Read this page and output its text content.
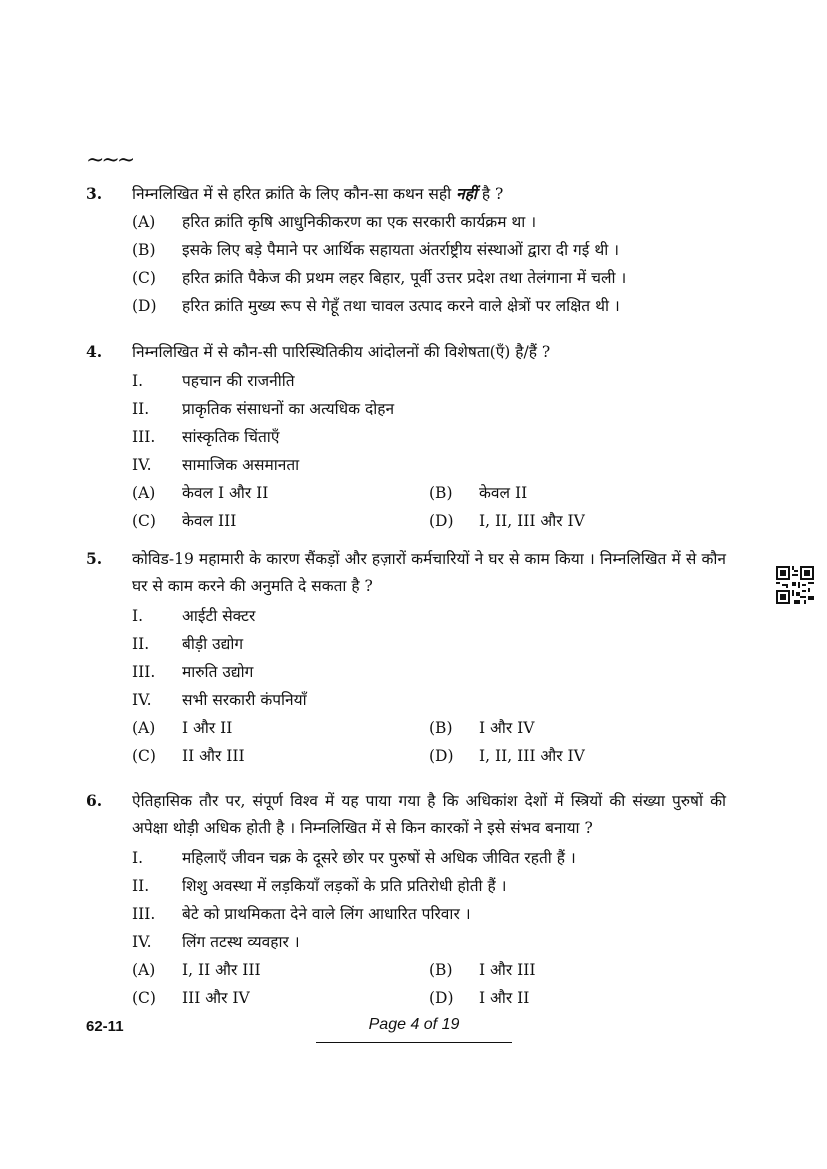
~~~
3.	निम्नलिखित में से हरित क्रांति के लिए कौन-सा कथन सही नहीं है ?
(A)	हरित क्रांति कृषि आधुनिकीकरण का एक सरकारी कार्यक्रम था ।
(B)	इसके लिए बड़े पैमाने पर आर्थिक सहायता अंतर्राष्ट्रीय संस्थाओं द्वारा दी गई थी ।
(C)	हरित क्रांति पैकेज की प्रथम लहर बिहार, पूर्वी उत्तर प्रदेश तथा तेलंगाना में चली ।
(D)	हरित क्रांति मुख्य रूप से गेहूँ तथा चावल उत्पाद करने वाले क्षेत्रों पर लक्षित थी ।
4.	निम्नलिखित में से कौन-सी पारिस्थितिकीय आंदोलनों की विशेषता(एँ) है/हैं ?
I.	पहचान की राजनीति
II.	प्राकृतिक संसाधनों का अत्यधिक दोहन
III.	सांस्कृतिक चिंताएँ
IV.	सामाजिक असमानता
(A)	केवल I और II	(B)	केवल II
(C)	केवल III	(D)	I, II, III और IV
5.	कोविड-19 महामारी के कारण सैंकड़ों और हज़ारों कर्मचारियों ने घर से काम किया । निम्नलिखित में से कौन घर से काम करने की अनुमति दे सकता है ?
I.	आईटी सेक्टर
II.	बीड़ी उद्योग
III.	मारुति उद्योग
IV.	सभी सरकारी कंपनियाँ
(A)	I और II	(B)	I और IV
(C)	II और III	(D)	I, II, III और IV
6.	ऐतिहासिक तौर पर, संपूर्ण विश्व में यह पाया गया है कि अधिकांश देशों में स्त्रियों की संख्या पुरुषों की अपेक्षा थोड़ी अधिक होती है । निम्नलिखित में से किन कारकों ने इसे संभव बनाया ?
I.	महिलाएँ जीवन चक्र के दूसरे छोर पर पुरुषों से अधिक जीवित रहती हैं ।
II.	शिशु अवस्था में लड़कियाँ लड़कों के प्रति प्रतिरोधी होती हैं ।
III.	बेटे को प्राथमिकता देने वाले लिंग आधारित परिवार ।
IV.	लिंग तटस्थ व्यवहार ।
(A)	I, II और III	(B)	I और III
(C)	III और IV	(D)	I और II
62-11	Page 4 of 19
